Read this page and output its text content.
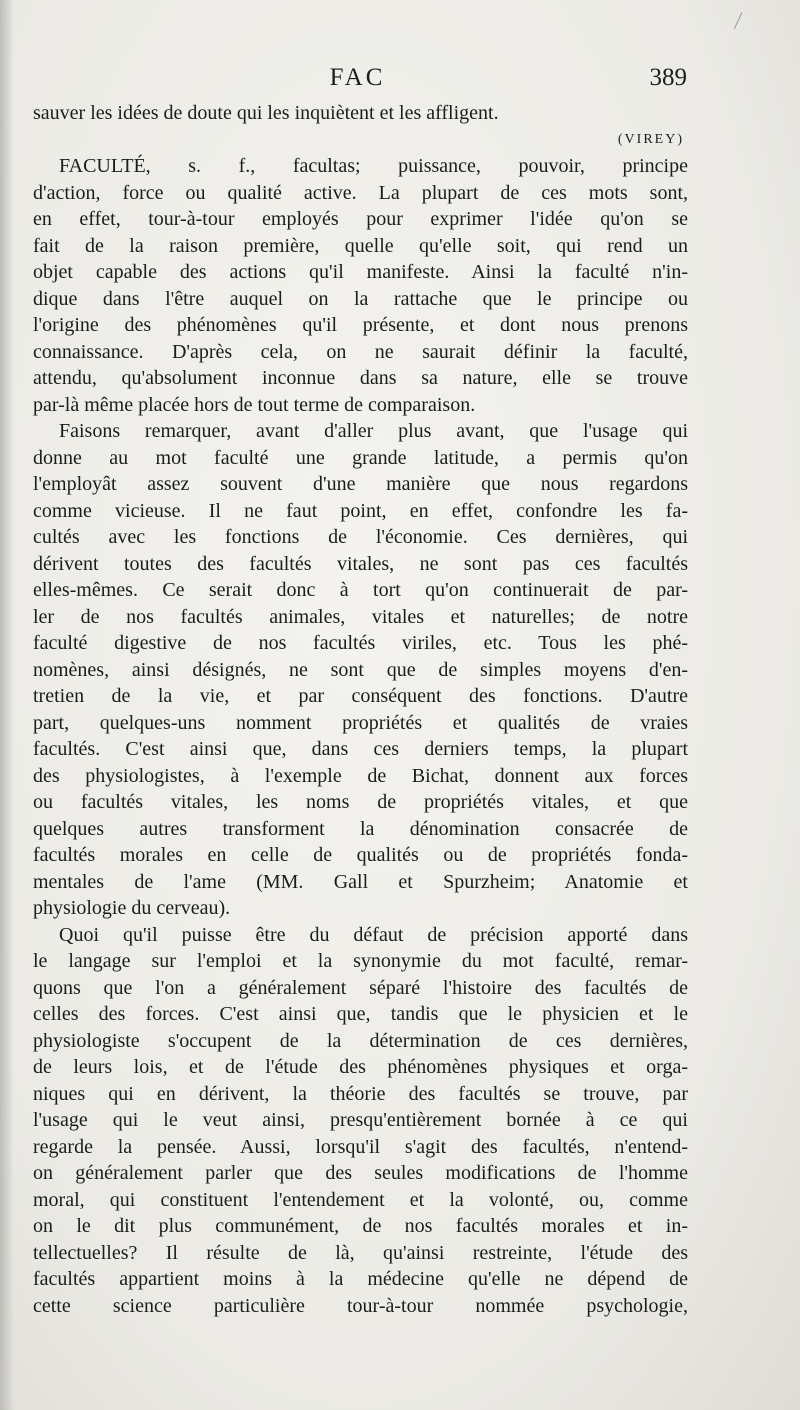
FAC	389
sauver les idées de doute qui les inquiètent et les affligent.
(VIREY)
FACULTÉ, s. f., facultas; puissance, pouvoir, principe
d'action, force ou qualité active. La plupart de ces mots sont,
en effet, tour-à-tour employés pour exprimer l'idée qu'on se
fait de la raison première, quelle qu'elle soit, qui rend un
objet capable des actions qu'il manifeste. Ainsi la faculté n'in-
dique dans l'être auquel on la rattache que le principe ou
l'origine des phénomènes qu'il présente, et dont nous prenons
connaissance. D'après cela, on ne saurait définir la faculté,
attendu, qu'absolument inconnue dans sa nature, elle se trouve
par-là même placée hors de tout terme de comparaison.
Faisons remarquer, avant d'aller plus avant, que l'usage qui
donne au mot faculté une grande latitude, a permis qu'on
l'employât assez souvent d'une manière que nous regardons
comme vicieuse. Il ne faut point, en effet, confondre les fa-
cultés avec les fonctions de l'économie. Ces dernières, qui
dérivent toutes des facultés vitales, ne sont pas ces facultés
elles-mêmes. Ce serait donc à tort qu'on continuerait de par-
ler de nos facultés animales, vitales et naturelles; de notre
faculté digestive de nos facultés viriles, etc. Tous les phé-
nomènes, ainsi désignés, ne sont que de simples moyens d'en-
tretien de la vie, et par conséquent des fonctions. D'autre
part, quelques-uns nomment propriétés et qualités de vraies
facultés. C'est ainsi que, dans ces derniers temps, la plupart
des physiologistes, à l'exemple de Bichat, donnent aux forces
ou facultés vitales, les noms de propriétés vitales, et que
quelques autres transforment la dénomination consacrée de
facultés morales en celle de qualités ou de propriétés fonda-
mentales de l'ame (MM. Gall et Spurzheim; Anatomie et
physiologie du cerveau).
Quoi qu'il puisse être du défaut de précision apporté dans
le langage sur l'emploi et la synonymie du mot faculté, remar-
quons que l'on a généralement séparé l'histoire des facultés de
celles des forces. C'est ainsi que, tandis que le physicien et le
physiologiste s'occupent de la détermination de ces dernières,
de leurs lois, et de l'étude des phénomènes physiques et orga-
niques qui en dérivent, la théorie des facultés se trouve, par
l'usage qui le veut ainsi, presqu'entièrement bornée à ce qui
regarde la pensée. Aussi, lorsqu'il s'agit des facultés, n'entend-
on généralement parler que des seules modifications de l'homme
moral, qui constituent l'entendement et la volonté, ou, comme
on le dit plus communément, de nos facultés morales et in-
tellectuelles? Il résulte de là, qu'ainsi restreinte, l'étude des
facultés appartient moins à la médecine qu'elle ne dépend de
cette science particulière tour-à-tour nommée psychologie,
